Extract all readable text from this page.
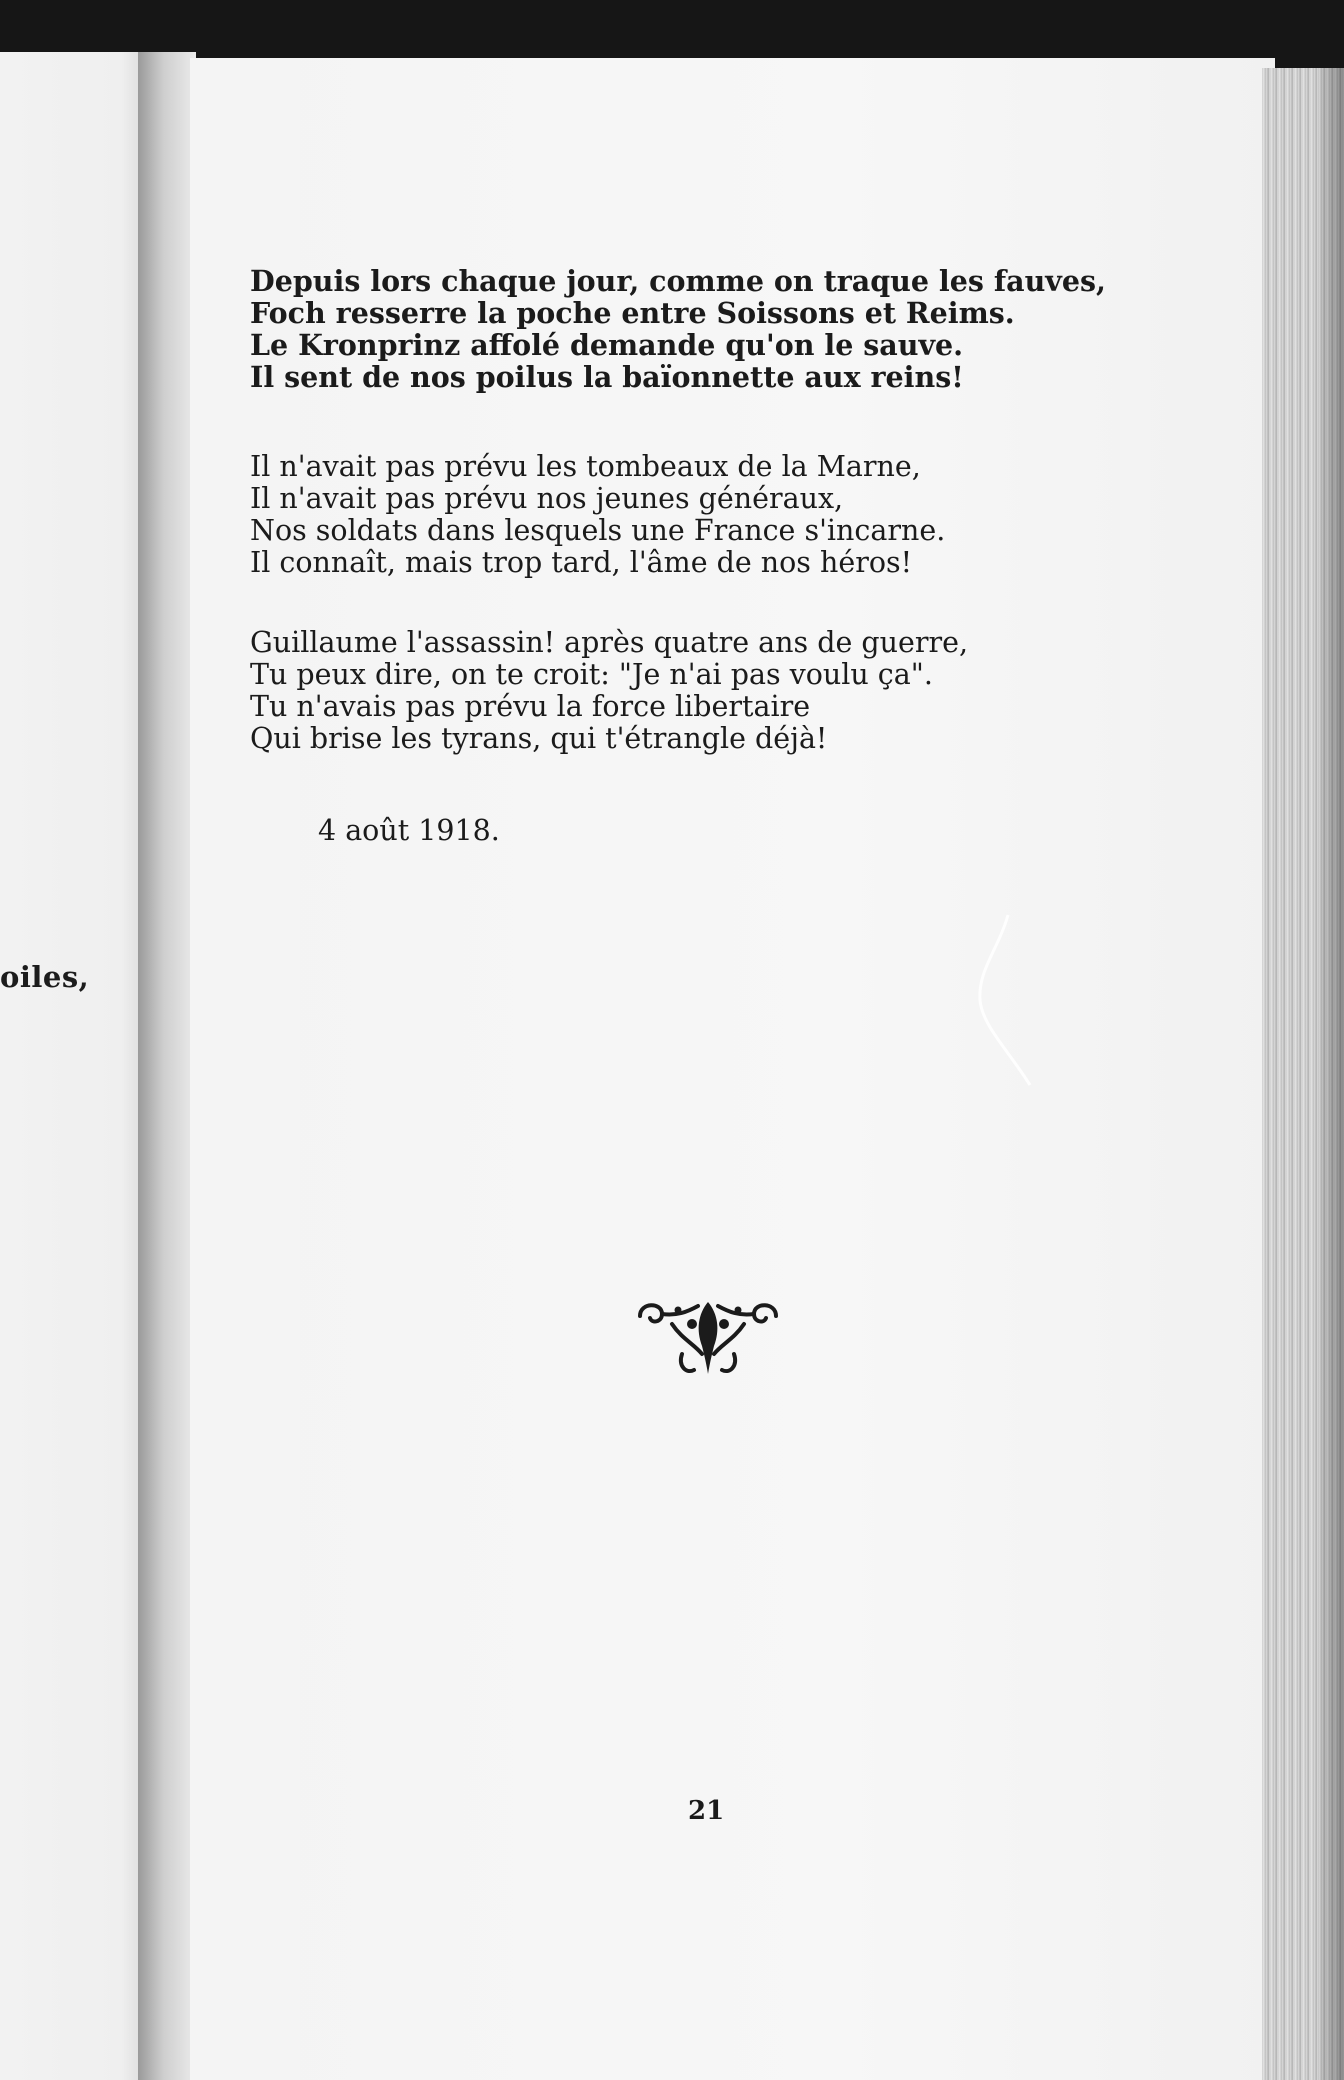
oiles,
Depuis lors chaque jour, comme on traque les fauves,
Foch resserre la poche entre Soissons et Reims.
Le Kronprinz affolé demande qu'on le sauve.
Il sent de nos poilus la baïonnette aux reins!
Il n'avait pas prévu les tombeaux de la Marne,
Il n'avait pas prévu nos jeunes généraux,
Nos soldats dans lesquels une France s'incarne.
Il connaît, mais trop tard, l'âme de nos héros!
Guillaume l'assassin! après quatre ans de guerre,
Tu peux dire, on te croit: "Je n'ai pas voulu ça".
Tu n'avais pas prévu la force libertaire
Qui brise les tyrans, qui t'étrangle déjà!
4 août 1918.
21
